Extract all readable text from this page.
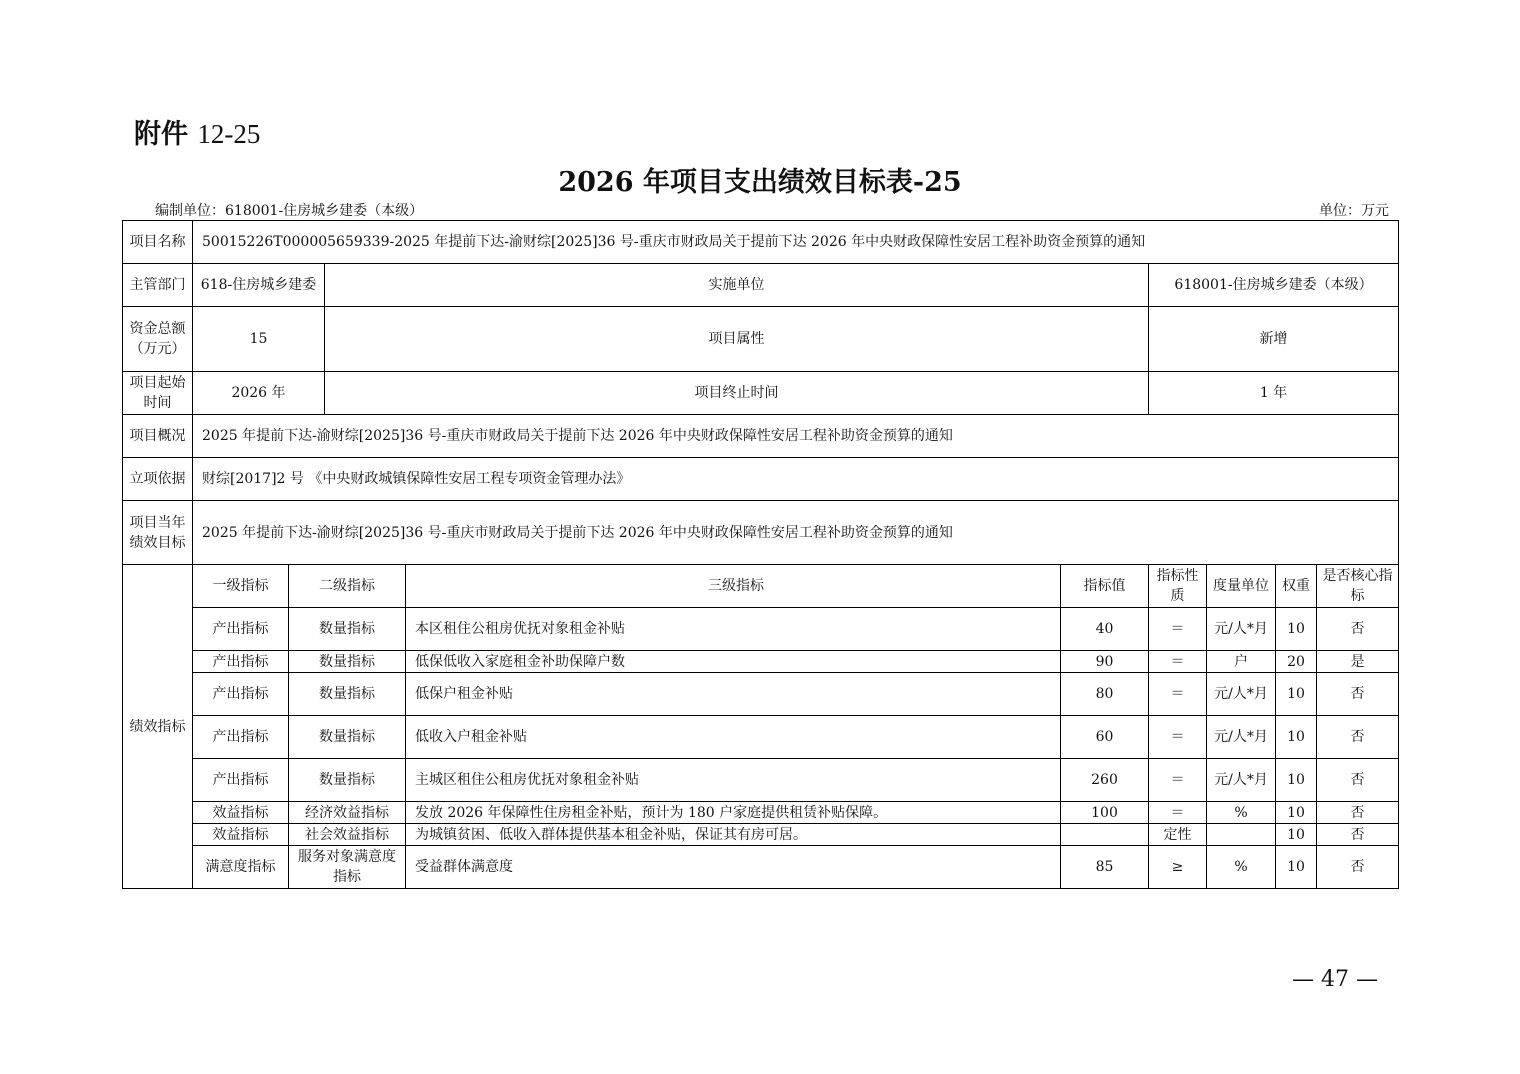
附件 12-25
2026 年项目支出绩效目标表-25
编制单位：618001-住房城乡建委（本级）	单位：万元
项目名称	50015226T000005659339-2025 年提前下达-渝财综[2025]36 号-重庆市财政局关于提前下达 2026 年中央财政保障性安居工程补助资金预算的通知								
主管部门	618-住房城乡建委		实施单位			618001-住房城乡建委（本级）			
资金总额（万元）	15		项目属性			新增			
项目起始时间	2026 年		项目终止时间			1 年			
项目概况	2025 年提前下达-渝财综[2025]36 号-重庆市财政局关于提前下达 2026 年中央财政保障性安居工程补助资金预算的通知								
立项依据	财综[2017]2 号 《中央财政城镇保障性安居工程专项资金管理办法》								
项目当年绩效目标	2025 年提前下达-渝财综[2025]36 号-重庆市财政局关于提前下达 2026 年中央财政保障性安居工程补助资金预算的通知								
绩效指标	一级指标	二级指标		三级指标	指标值	指标性质	度量单位	权重	是否核心指标
	产出指标	数量指标		本区租住公租房优抚对象租金补贴	40	＝	元/人*月	10	否
	产出指标	数量指标		低保低收入家庭租金补助保障户数	90	＝	户	20	是
	产出指标	数量指标		低保户租金补贴	80	＝	元/人*月	10	否
	产出指标	数量指标		低收入户租金补贴	60	＝	元/人*月	10	否
	产出指标	数量指标		主城区租住公租房优抚对象租金补贴	260	＝	元/人*月	10	否
	效益指标	经济效益指标		发放 2026 年保障性住房租金补贴，预计为 180 户家庭提供租赁补贴保障。	100	＝	%	10	否
	效益指标	社会效益指标		为城镇贫困、低收入群体提供基本租金补贴，保证其有房可居。		定性		10	否
	满意度指标	服务对象满意度指标		受益群体满意度	85	≥	%	10	否
— 47 —
